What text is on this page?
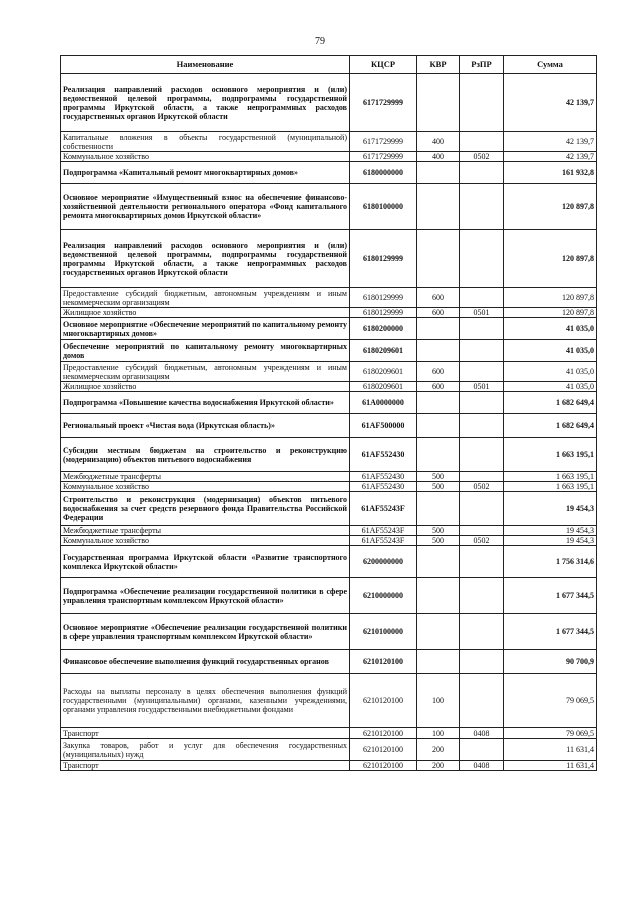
79
Наименование	КЦСР	КВР	РзПР	Сумма
Реализация направлений расходов основного мероприятия и (или) ведомственной целевой программы, подпрограммы государственной программы Иркутской области, а также непрограммных расходов государственных органов Иркутской области	6171729999			42 139,7
Капитальные вложения в объекты государственной (муниципальной) собственности	6171729999	400		42 139,7
Коммунальное хозяйство	6171729999	400	0502	42 139,7
Подпрограмма «Капитальный ремонт многоквартирных домов»	6180000000			161 932,8
Основное мероприятие «Имущественный взнос на обеспечение финансово-хозяйственной деятельности регионального оператора «Фонд капитального ремонта многоквартирных домов Иркутской области»	6180100000			120 897,8
Реализация направлений расходов основного мероприятия и (или) ведомственной целевой программы, подпрограммы государственной программы Иркутской области, а также непрограммных расходов государственных органов Иркутской области	6180129999			120 897,8
Предоставление субсидий бюджетным, автономным учреждениям и иным некоммерческим организациям	6180129999	600		120 897,8
Жилищное хозяйство	6180129999	600	0501	120 897,8
Основное мероприятие «Обеспечение мероприятий по капитальному ремонту многоквартирных домов»	6180200000			41 035,0
Обеспечение мероприятий по капитальному ремонту многоквартирных домов	6180209601			41 035,0
Предоставление субсидий бюджетным, автономным учреждениям и иным некоммерческим организациям	6180209601	600		41 035,0
Жилищное хозяйство	6180209601	600	0501	41 035,0
Подпрограмма «Повышение качества водоснабжения Иркутской области»	61А0000000			1 682 649,4
Региональный проект «Чистая вода (Иркутская область)»	61АF500000			1 682 649,4
Субсидии местным бюджетам на строительство и реконструкцию (модернизацию) объектов питьевого водоснабжения	61АF552430			1 663 195,1
Межбюджетные трансферты	61АF552430	500		1 663 195,1
Коммунальное хозяйство	61АF552430	500	0502	1 663 195,1
Строительство и реконструкция (модернизация) объектов питьевого водоснабжения за счет средств резервного фонда Правительства Российской Федерации	61АF55243F			19 454,3
Межбюджетные трансферты	61АF55243F	500		19 454,3
Коммунальное хозяйство	61АF55243F	500	0502	19 454,3
Государственная программа Иркутской области «Развитие транспортного комплекса Иркутской области»	6200000000			1 756 314,6
Подпрограмма «Обеспечение реализации государственной политики в сфере управления транспортным комплексом Иркутской области»	6210000000			1 677 344,5
Основное мероприятие «Обеспечение реализации государственной политики в сфере управления транспортным комплексом Иркутской области»	6210100000			1 677 344,5
Финансовое обеспечение выполнения функций государственных органов	6210120100			90 700,9
Расходы на выплаты персоналу в целях обеспечения выполнения функций государственными (муниципальными) органами, казенными учреждениями, органами управления государственными внебюджетными фондами	6210120100	100		79 069,5
Транспорт	6210120100	100	0408	79 069,5
Закупка товаров, работ и услуг для обеспечения государственных (муниципальных) нужд	6210120100	200		11 631,4
Транспорт	6210120100	200	0408	11 631,4
